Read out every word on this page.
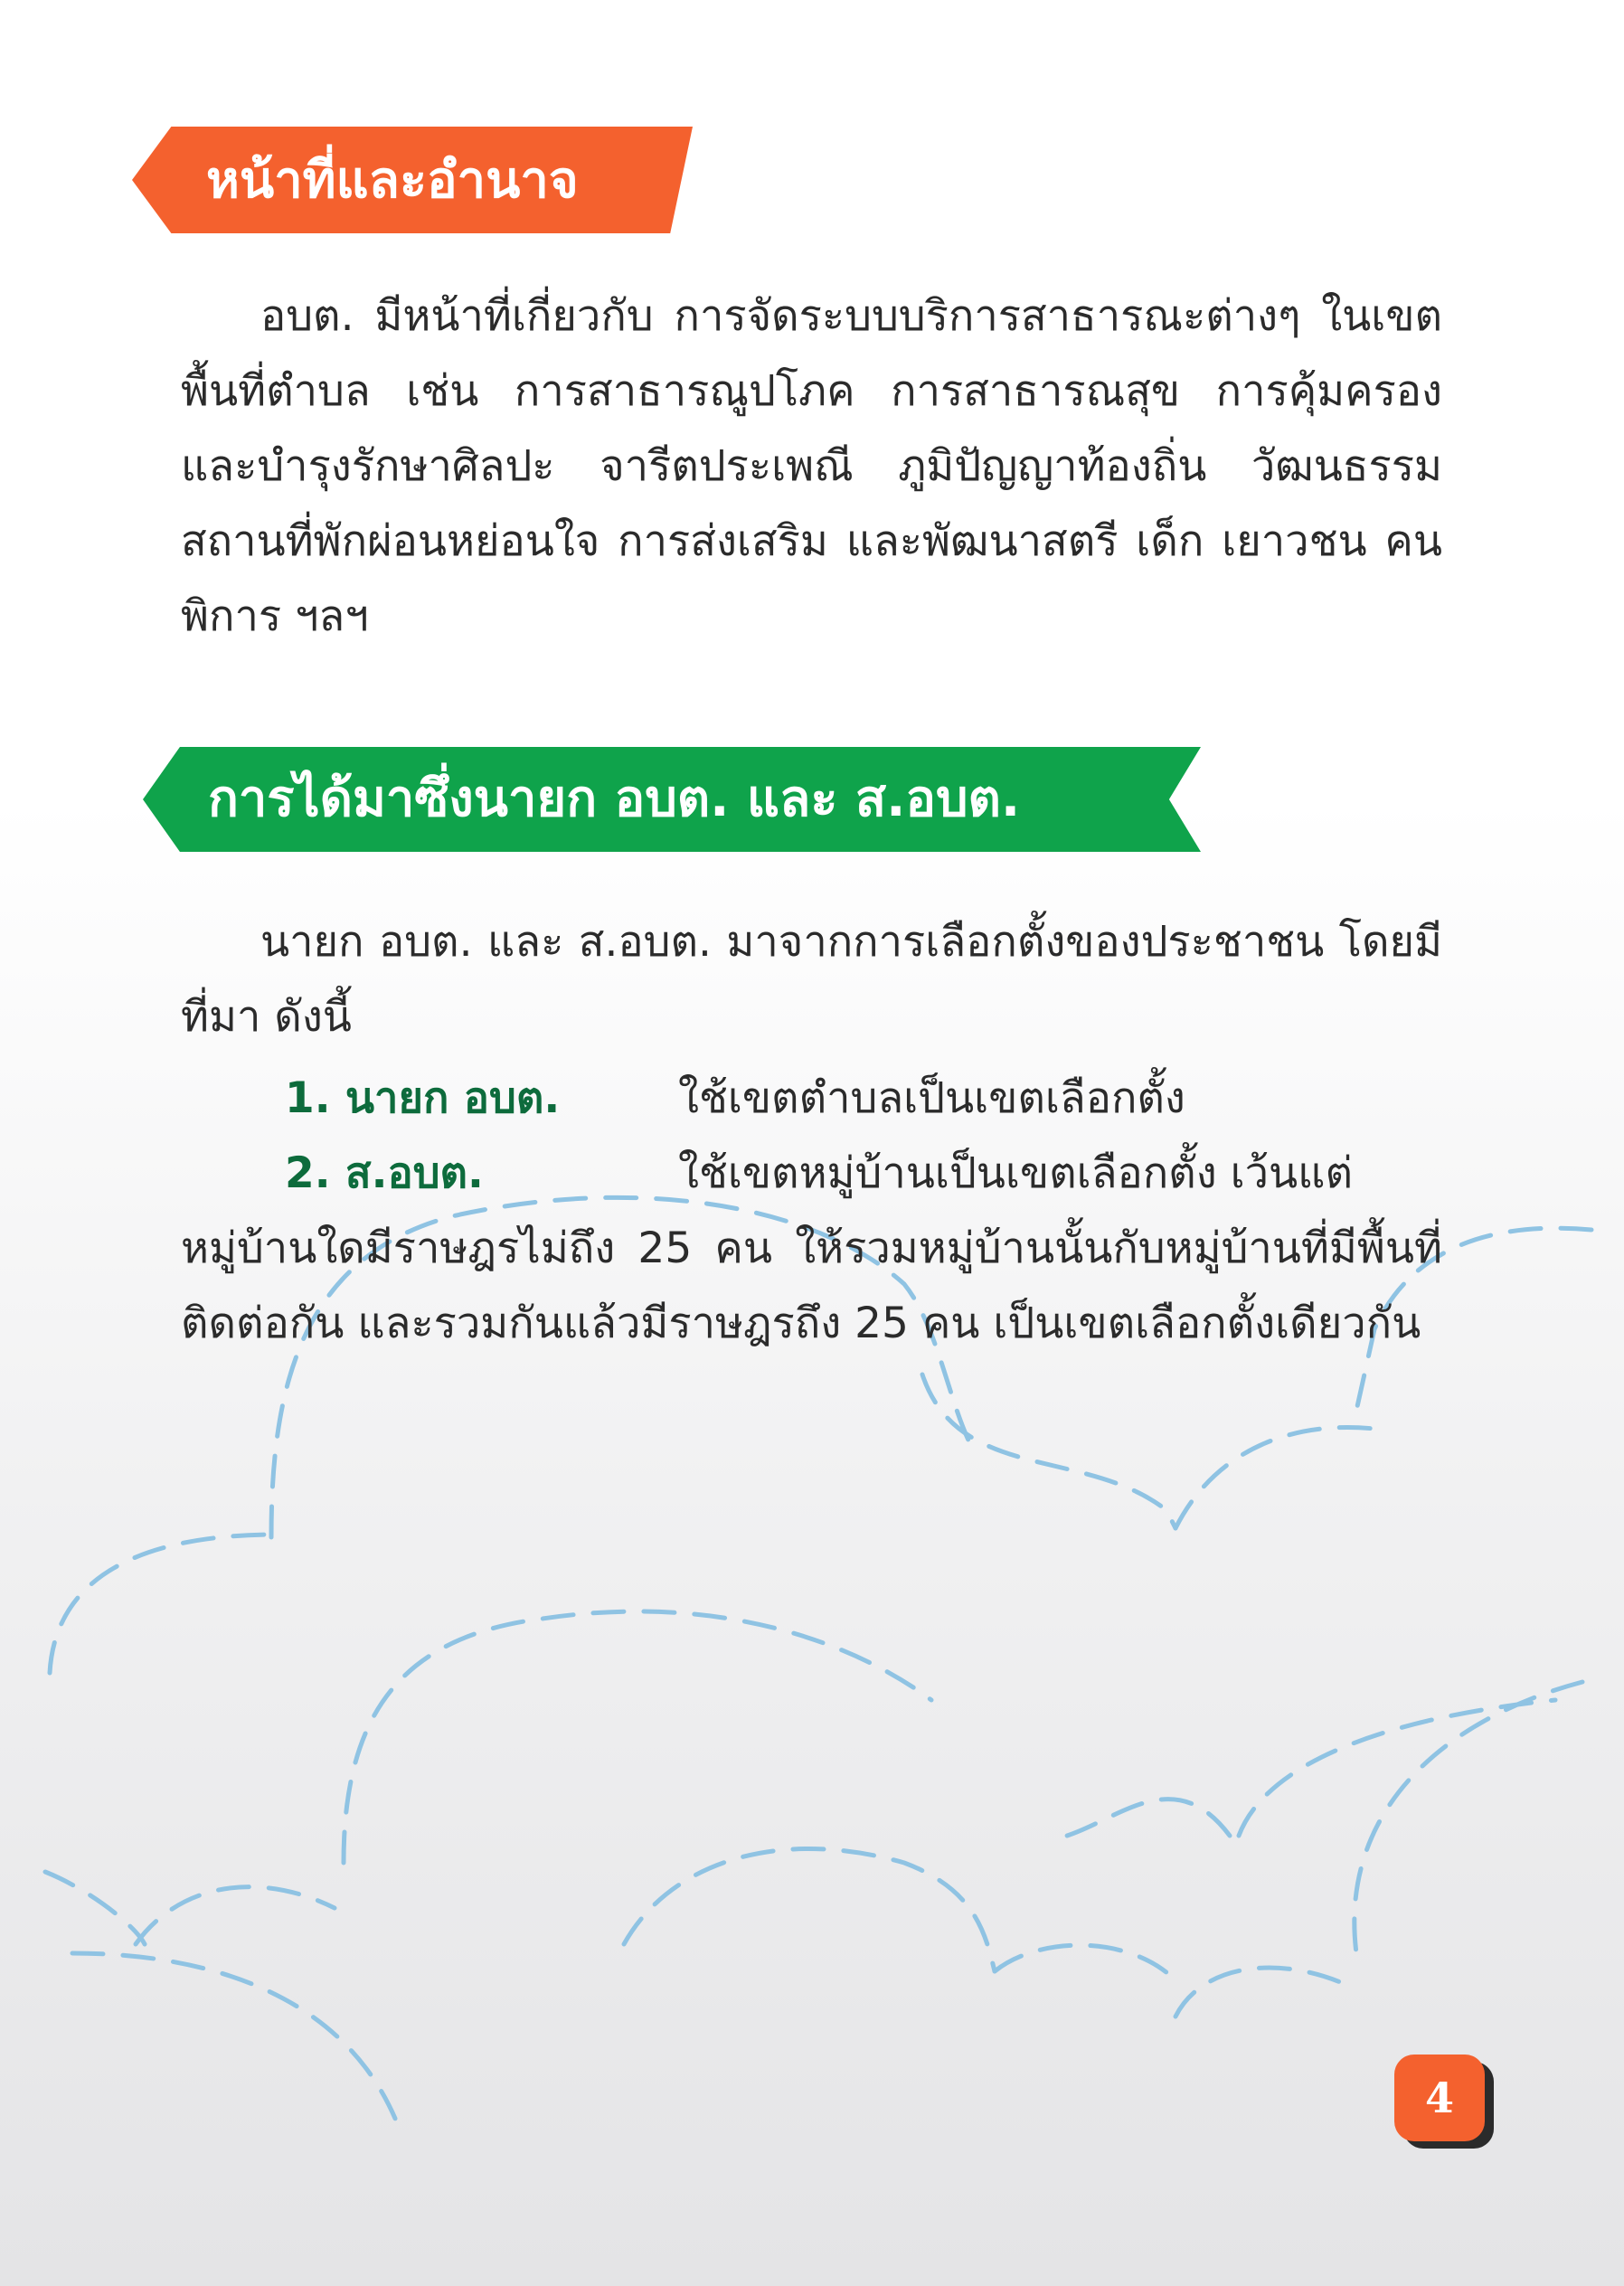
หน้าที่และอำนาจ
อบต. มีหน้าที่เกี่ยวกับ การจัดระบบบริการสาธารณะต่างๆ ในเขตพื้นที่ตำบล เช่น การสาธารณูปโภค การสาธารณสุข การคุ้มครอง และบำรุงรักษาศิลปะ จารีตประเพณี ภูมิปัญญาท้องถิ่น วัฒนธรรม สถานที่พักผ่อนหย่อนใจ การส่งเสริม และพัฒนาสตรี เด็ก เยาวชน คนพิการ ฯลฯ
การได้มาซึ่งนายก อบต. และ ส.อบต.
นายก อบต. และ ส.อบต. มาจากการเลือกตั้งของประชาชน โดยมีที่มา ดังนี้
1. นายก อบต.	ใช้เขตตำบลเป็นเขตเลือกตั้ง
2. ส.อบต.	ใช้เขตหมู่บ้านเป็นเขตเลือกตั้ง เว้นแต่
หมู่บ้านใดมีราษฎรไม่ถึง 25 คน ให้รวมหมู่บ้านนั้นกับหมู่บ้านที่มีพื้นที่ติดต่อกัน และรวมกันแล้วมีราษฎรถึง 25 คน เป็นเขตเลือกตั้งเดียวกัน
4
